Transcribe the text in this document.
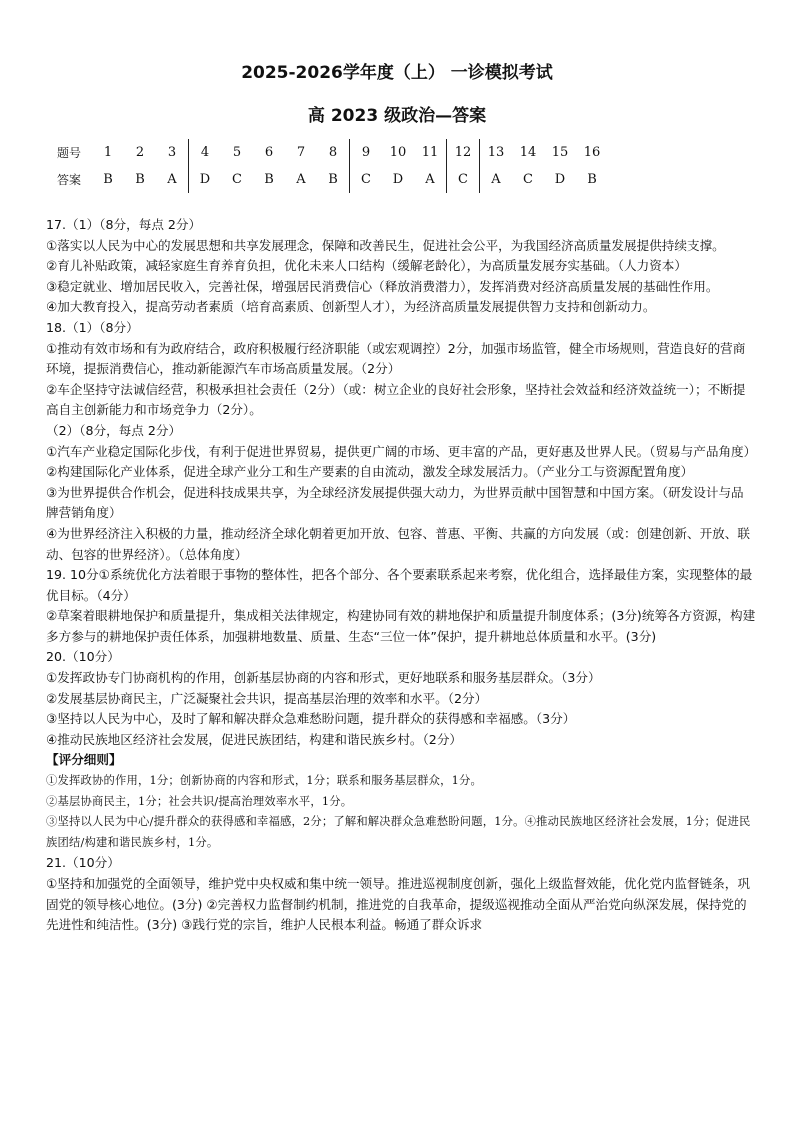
2025-2026学年度（上） 一诊模拟考试
高 2023 级政治—答案
题号	1	2	3	4	5	6	7	8	9	10	11	12	13	14	15	16
答案	B	B	A	D	C	B	A	B	C	D	A	C	A	C	D	B

17.（1）（8分，每点 2分）

①落实以人民为中心的发展思想和共享发展理念，保障和改善民生，促进社会公平，为我国经济高质量发展提供持续支撑。

②育儿补贴政策，减轻家庭生育养育负担，优化未来人口结构（缓解老龄化），为高质量发展夯实基础。（人力资本）

③稳定就业、增加居民收入，完善社保，增强居民消费信心（释放消费潜力），发挥消费对经济高质量发展的基础性作用。

④加大教育投入，提高劳动者素质（培育高素质、创新型人才），为经济高质量发展提供智力支持和创新动力。

18.（1）（8分）

①推动有效市场和有为政府结合，政府积极履行经济职能（或宏观调控）2分，加强市场监管，健全市场规则，营造良好的营商环境，提振消费信心，推动新能源汽车市场高质量发展。（2分）

②车企坚持守法诚信经营，积极承担社会责任（2分）（或：树立企业的良好社会形象，坚持社会效益和经济效益统一）；不断提高自主创新能力和市场竞争力（2分）。

（2）（8分，每点 2分）

①汽车产业稳定国际化步伐，有利于促进世界贸易，提供更广阔的市场、更丰富的产品，更好惠及世界人民。（贸易与产品角度）

②构建国际化产业体系，促进全球产业分工和生产要素的自由流动，激发全球发展活力。（产业分工与资源配置角度）

③为世界提供合作机会，促进科技成果共享，为全球经济发展提供强大动力，为世界贡献中国智慧和中国方案。（研发设计与品牌营销角度）

④为世界经济注入积极的力量，推动经济全球化朝着更加开放、包容、普惠、平衡、共赢的方向发展（或：创建创新、开放、联动、包容的世界经济）。（总体角度）

19. 10分①系统优化方法着眼于事物的整体性，把各个部分、各个要素联系起来考察，优化组合，选择最佳方案，实现整体的最优目标。（4分）

②草案着眼耕地保护和质量提升，集成相关法律规定，构建协同有效的耕地保护和质量提升制度体系；(3分)统筹各方资源，构建多方参与的耕地保护责任体系，加强耕地数量、质量、生态“三位一体”保护，提升耕地总体质量和水平。(3分)

20.（10分）

①发挥政协专门协商机构的作用，创新基层协商的内容和形式，更好地联系和服务基层群众。（3分）

②发展基层协商民主，广泛凝聚社会共识，提高基层治理的效率和水平。（2分）

③坚持以人民为中心，及时了解和解决群众急难愁盼问题，提升群众的获得感和幸福感。（3分）

④推动民族地区经济社会发展，促进民族团结，构建和谐民族乡村。（2分）

【评分细则】

①发挥政协的作用，1分；创新协商的内容和形式，1分；联系和服务基层群众，1分。

②基层协商民主，1分；社会共识/提高治理效率水平，1分。

③坚持以人民为中心/提升群众的获得感和幸福感，2分；了解和解决群众急难愁盼问题，1分。④推动民族地区经济社会发展，1分；促进民族团结/构建和谐民族乡村，1分。

21.（10分）

①坚持和加强党的全面领导，维护党中央权威和集中统一领导。推进巡视制度创新，强化上级监督效能，优化党内监督链条，巩固党的领导核心地位。(3分) ②完善权力监督制约机制，推进党的自我革命，提级巡视推动全面从严治党向纵深发展，保持党的先进性和纯洁性。(3分) ③践行党的宗旨，维护人民根本利益。畅通了群众诉求
